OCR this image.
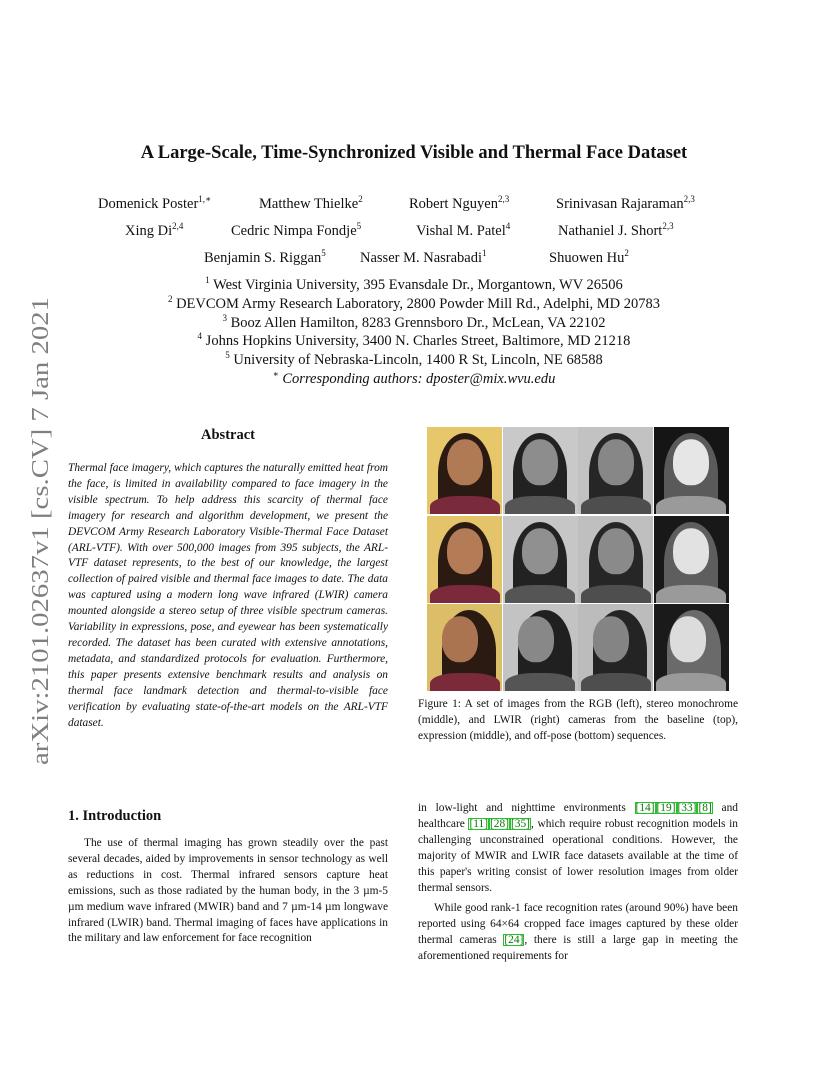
arXiv:2101.02637v1 [cs.CV] 7 Jan 2021
A Large-Scale, Time-Synchronized Visible and Thermal Face Dataset
Domenick Poster$^{1,∗}$	Matthew Thielke$^2$	Robert Nguyen$^{2,3}$	Srinivasan Rajaraman$^{2,3}$
Xing Di$^{2,4}$	Cedric Nimpa Fondje$^5$	Vishal M. Patel$^4$	Nathaniel J. Short$^{2,3}$
Benjamin S. Riggan$^5$ Nasser M. Nasrabadi$^1$	Shuowen Hu$^2$
$^1$ West Virginia University, 395 Evansdale Dr., Morgantown, WV 26506
$^2$ DEVCOM Army Research Laboratory, 2800 Powder Mill Rd., Adelphi, MD 20783
$^3$ Booz Allen Hamilton, 8283 Grennsboro Dr., McLean, VA 22102
$^4$ Johns Hopkins University, 3400 N. Charles Street, Baltimore, MD 21218
$^5$ University of Nebraska-Lincoln, 1400 R St, Lincoln, NE 68588
∗ Corresponding authors: dposter@mix.wvu.edu
Abstract
Thermal face imagery, which captures the naturally emitted heat from the face, is limited in availability compared to face imagery in the visible spectrum. To help address this scarcity of thermal face imagery for research and algorithm development, we present the DEVCOM Army Research Laboratory Visible-Thermal Face Dataset (ARL-VTF). With over 500,000 images from 395 subjects, the ARL-VTF dataset represents, to the best of our knowledge, the largest collection of paired visible and thermal face images to date. The data was captured using a modern long wave infrared (LWIR) camera mounted alongside a stereo setup of three visible spectrum cameras. Variability in expressions, pose, and eyewear has been systematically recorded. The dataset has been curated with extensive annotations, metadata, and standardized protocols for evaluation. Furthermore, this paper presents extensive benchmark results and analysis on thermal face landmark detection and thermal-to-visible face verification by evaluating state-of-the-art models on the ARL-VTF dataset.
Figure 1: A set of images from the RGB (left), stereo monochrome (middle), and LWIR (right) cameras from the baseline (top), expression (middle), and off-pose (bottom) sequences.
1. Introduction
The use of thermal imaging has grown steadily over the past several decades, aided by improvements in sensor technology as well as reductions in cost. Thermal infrared sensors capture heat emissions, such as those radiated by the human body, in the 3 µm-5 µm medium wave infrared (MWIR) band and 7 µm-14 µm longwave infrared (LWIR) band. Thermal imaging of faces have applications in the military and law enforcement for face recognition

in low-light and nighttime environments [14] [19] [33] [8] and healthcare [11] [28] [35], which require robust recognition models in challenging unconstrained operational conditions. However, the majority of MWIR and LWIR face datasets available at the time of this paper's writing consist of lower resolution images from older thermal sensors.

While good rank-1 face recognition rates (around 90%) have been reported using 64×64 cropped face images captured by these older thermal cameras [24], there is still a large gap in meeting the aforementioned requirements for
